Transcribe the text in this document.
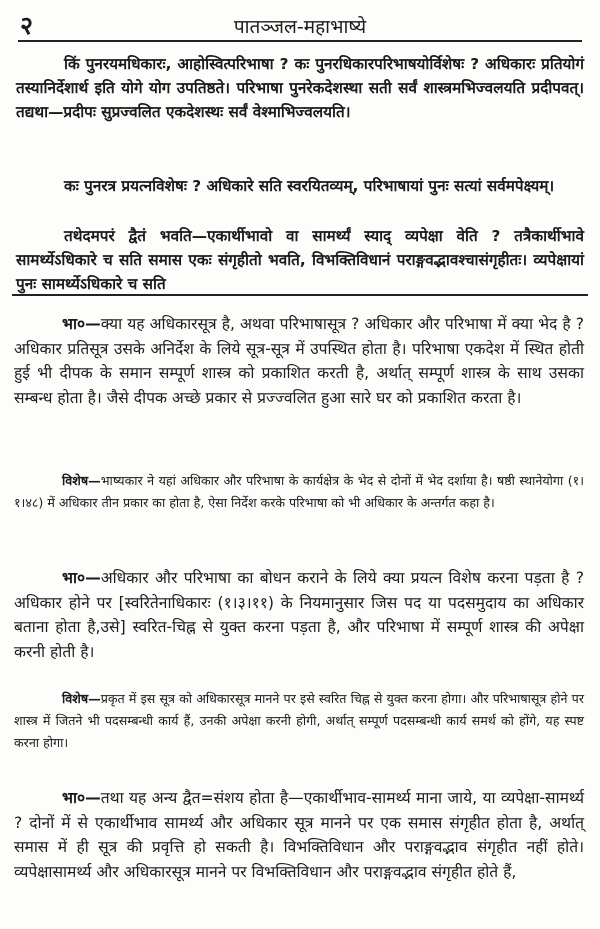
२	पातञ्जल-महाभाष्ये

किं पुनरयमधिकारः, आहोस्वित्परिभाषा ? कः पुनरधिकारपरिभाषयोर्विशेषः ? अधिकारः प्रतियोगं तस्यानिर्देशार्थ इति योगे योग उपतिष्ठते। परिभाषा पुनरेकदेशस्था सती सर्वं शास्त्रमभिज्वलयति प्रदीपवत्। तद्यथा—प्रदीपः सुप्रज्वलित एकदेशस्थः सर्वं वेश्माभिज्वलयति।

कः पुनरत्र प्रयत्नविशेषः ? अधिकारे सति स्वरयितव्यम्, परिभाषायां पुनः सत्यां सर्वमपेक्ष्यम्।

तथेदमपरं द्वैतं भवति—एकार्थीभावो वा सामर्थ्यं स्याद् व्यपेक्षा वेति ? तत्रैकार्थीभावे सामर्थ्येऽधिकारे च सति समास एकः संगृहीतो भवति, विभक्तिविधानं पराङ्गवद्भावश्चासंगृहीतः। व्यपेक्षायां पुनः सामर्थ्येऽधिकारे च सति

भा०—क्या यह अधिकारसूत्र है, अथवा परिभाषासूत्र ? अधिकार और परिभाषा में क्या भेद है ? अधिकार प्रतिसूत्र उसके अनिर्देश के लिये सूत्र-सूत्र में उपस्थित होता है। परिभाषा एकदेश में स्थित होती हुई भी दीपक के समान सम्पूर्ण शास्त्र को प्रकाशित करती है, अर्थात् सम्पूर्ण शास्त्र के साथ उसका सम्बन्ध होता है। जैसे दीपक अच्छे प्रकार से प्रज्ज्वलित हुआ सारे घर को प्रकाशित करता है।

विशेष—भाष्यकार ने यहां अधिकार और परिभाषा के कार्यक्षेत्र के भेद से दोनों में भेद दर्शाया है। षष्ठी स्थानेयोगा (१।१।४८) में अधिकार तीन प्रकार का होता है, ऐसा निर्देश करके परिभाषा को भी अधिकार के अन्तर्गत कहा है।

भा०—अधिकार और परिभाषा का बोधन कराने के लिये क्या प्रयत्न विशेष करना पड़ता है ? अधिकार होने पर [स्वरितेनाधिकारः (१।३।११) के नियमानुसार जिस पद या पदसमुदाय का अधिकार बताना होता है,उसे] स्वरित-चिह्न से युक्त करना पड़ता है, और परिभाषा में सम्पूर्ण शास्त्र की अपेक्षा करनी होती है।

विशेष—प्रकृत में इस सूत्र को अधिकारसूत्र मानने पर इसे स्वरित चिह्न से युक्त करना होगा। और परिभाषासूत्र होने पर शास्त्र में जितने भी पदसम्बन्धी कार्य हैं, उनकी अपेक्षा करनी होगी, अर्थात् सम्पूर्ण पदसम्बन्धी कार्य समर्थ को होंगे, यह स्पष्ट करना होगा।

भा०—तथा यह अन्य द्वैत=संशय होता है—एकार्थीभाव-सामर्थ्य माना जाये, या व्यपेक्षा-सामर्थ्य ? दोनों में से एकार्थीभाव सामर्थ्य और अधिकार सूत्र मानने पर एक समास संगृहीत होता है, अर्थात् समास में ही सूत्र की प्रवृत्ति हो सकती है। विभक्तिविधान और पराङ्गवद्भाव संगृहीत नहीं होते। व्यपेक्षासामर्थ्य और अधिकारसूत्र मानने पर विभक्तिविधान और पराङ्गवद्भाव संगृहीत होते हैं,
